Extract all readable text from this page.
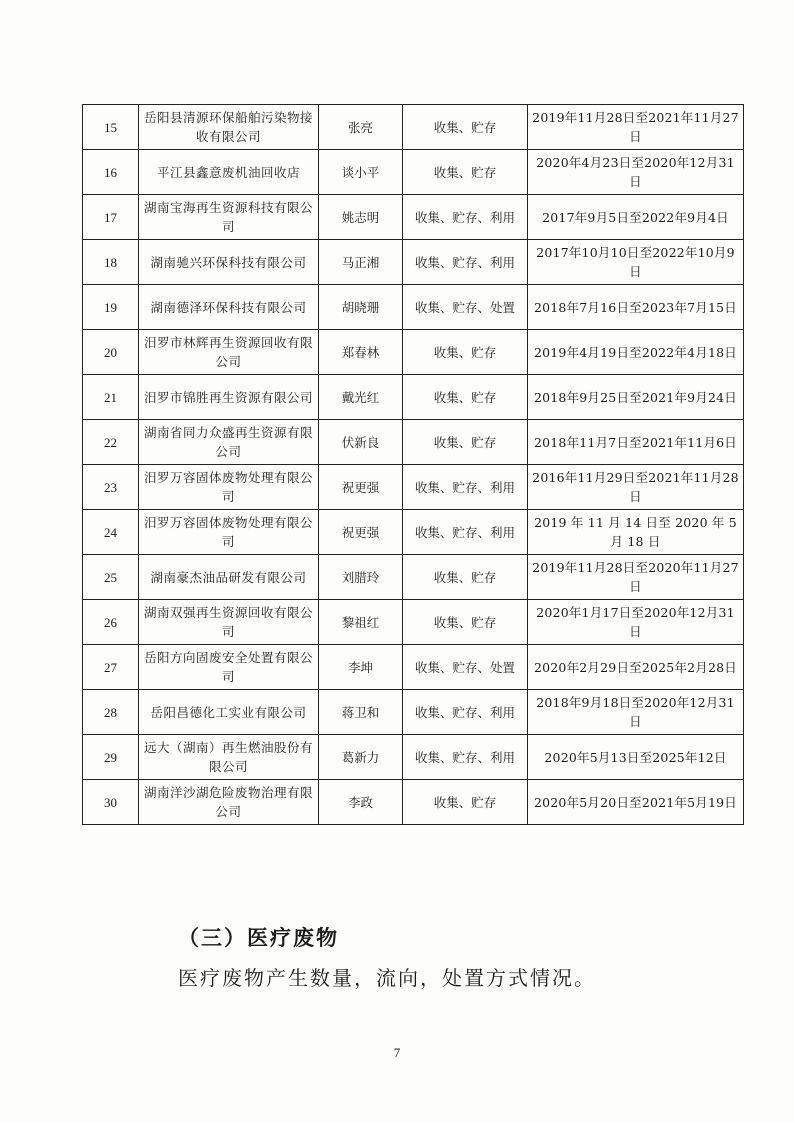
15	岳阳县清源环保船舶污染物接收有限公司	张亮	收集、贮存	2019年11月28日至2021年11月27日
16	平江县鑫意废机油回收店	谈小平	收集、贮存	2020年4月23日至2020年12月31日
17	湖南宝海再生资源科技有限公司	姚志明	收集、贮存、利用	2017年9月5日至2022年9月4日
18	湖南驰兴环保科技有限公司	马正湘	收集、贮存、利用	2017年10月10日至2022年10月9日
19	湖南德泽环保科技有限公司	胡晓珊	收集、贮存、处置	2018年7月16日至2023年7月15日
20	汨罗市林辉再生资源回收有限公司	郑春林	收集、贮存	2019年4月19日至2022年4月18日
21	汨罗市锦胜再生资源有限公司	戴光红	收集、贮存	2018年9月25日至2021年9月24日
22	湖南省同力众盛再生资源有限公司	伏新良	收集、贮存	2018年11月7日至2021年11月6日
23	汨罗万容固体废物处理有限公司	祝更强	收集、贮存、利用	2016年11月29日至2021年11月28日
24	汨罗万容固体废物处理有限公司	祝更强	收集、贮存、利用	2019 年 11 月 14 日至 2020 年 5 月 18 日
25	湖南豪杰油品研发有限公司	刘腊玲	收集、贮存	2019年11月28日至2020年11月27日
26	湖南双强再生资源回收有限公司	黎祖红	收集、贮存	2020年1月17日至2020年12月31日
27	岳阳方向固废安全处置有限公司	李坤	收集、贮存、处置	2020年2月29日至2025年2月28日
28	岳阳昌德化工实业有限公司	蒋卫和	收集、贮存、利用	2018年9月18日至2020年12月31日
29	远大（湖南）再生燃油股份有限公司	葛新力	收集、贮存、利用	2020年5月13日至2025年12日
30	湖南洋沙湖危险废物治理有限公司	李政	收集、贮存	2020年5月20日至2021年5月19日
（三）医疗废物
医疗废物产生数量，流向，处置方式情况。
7
